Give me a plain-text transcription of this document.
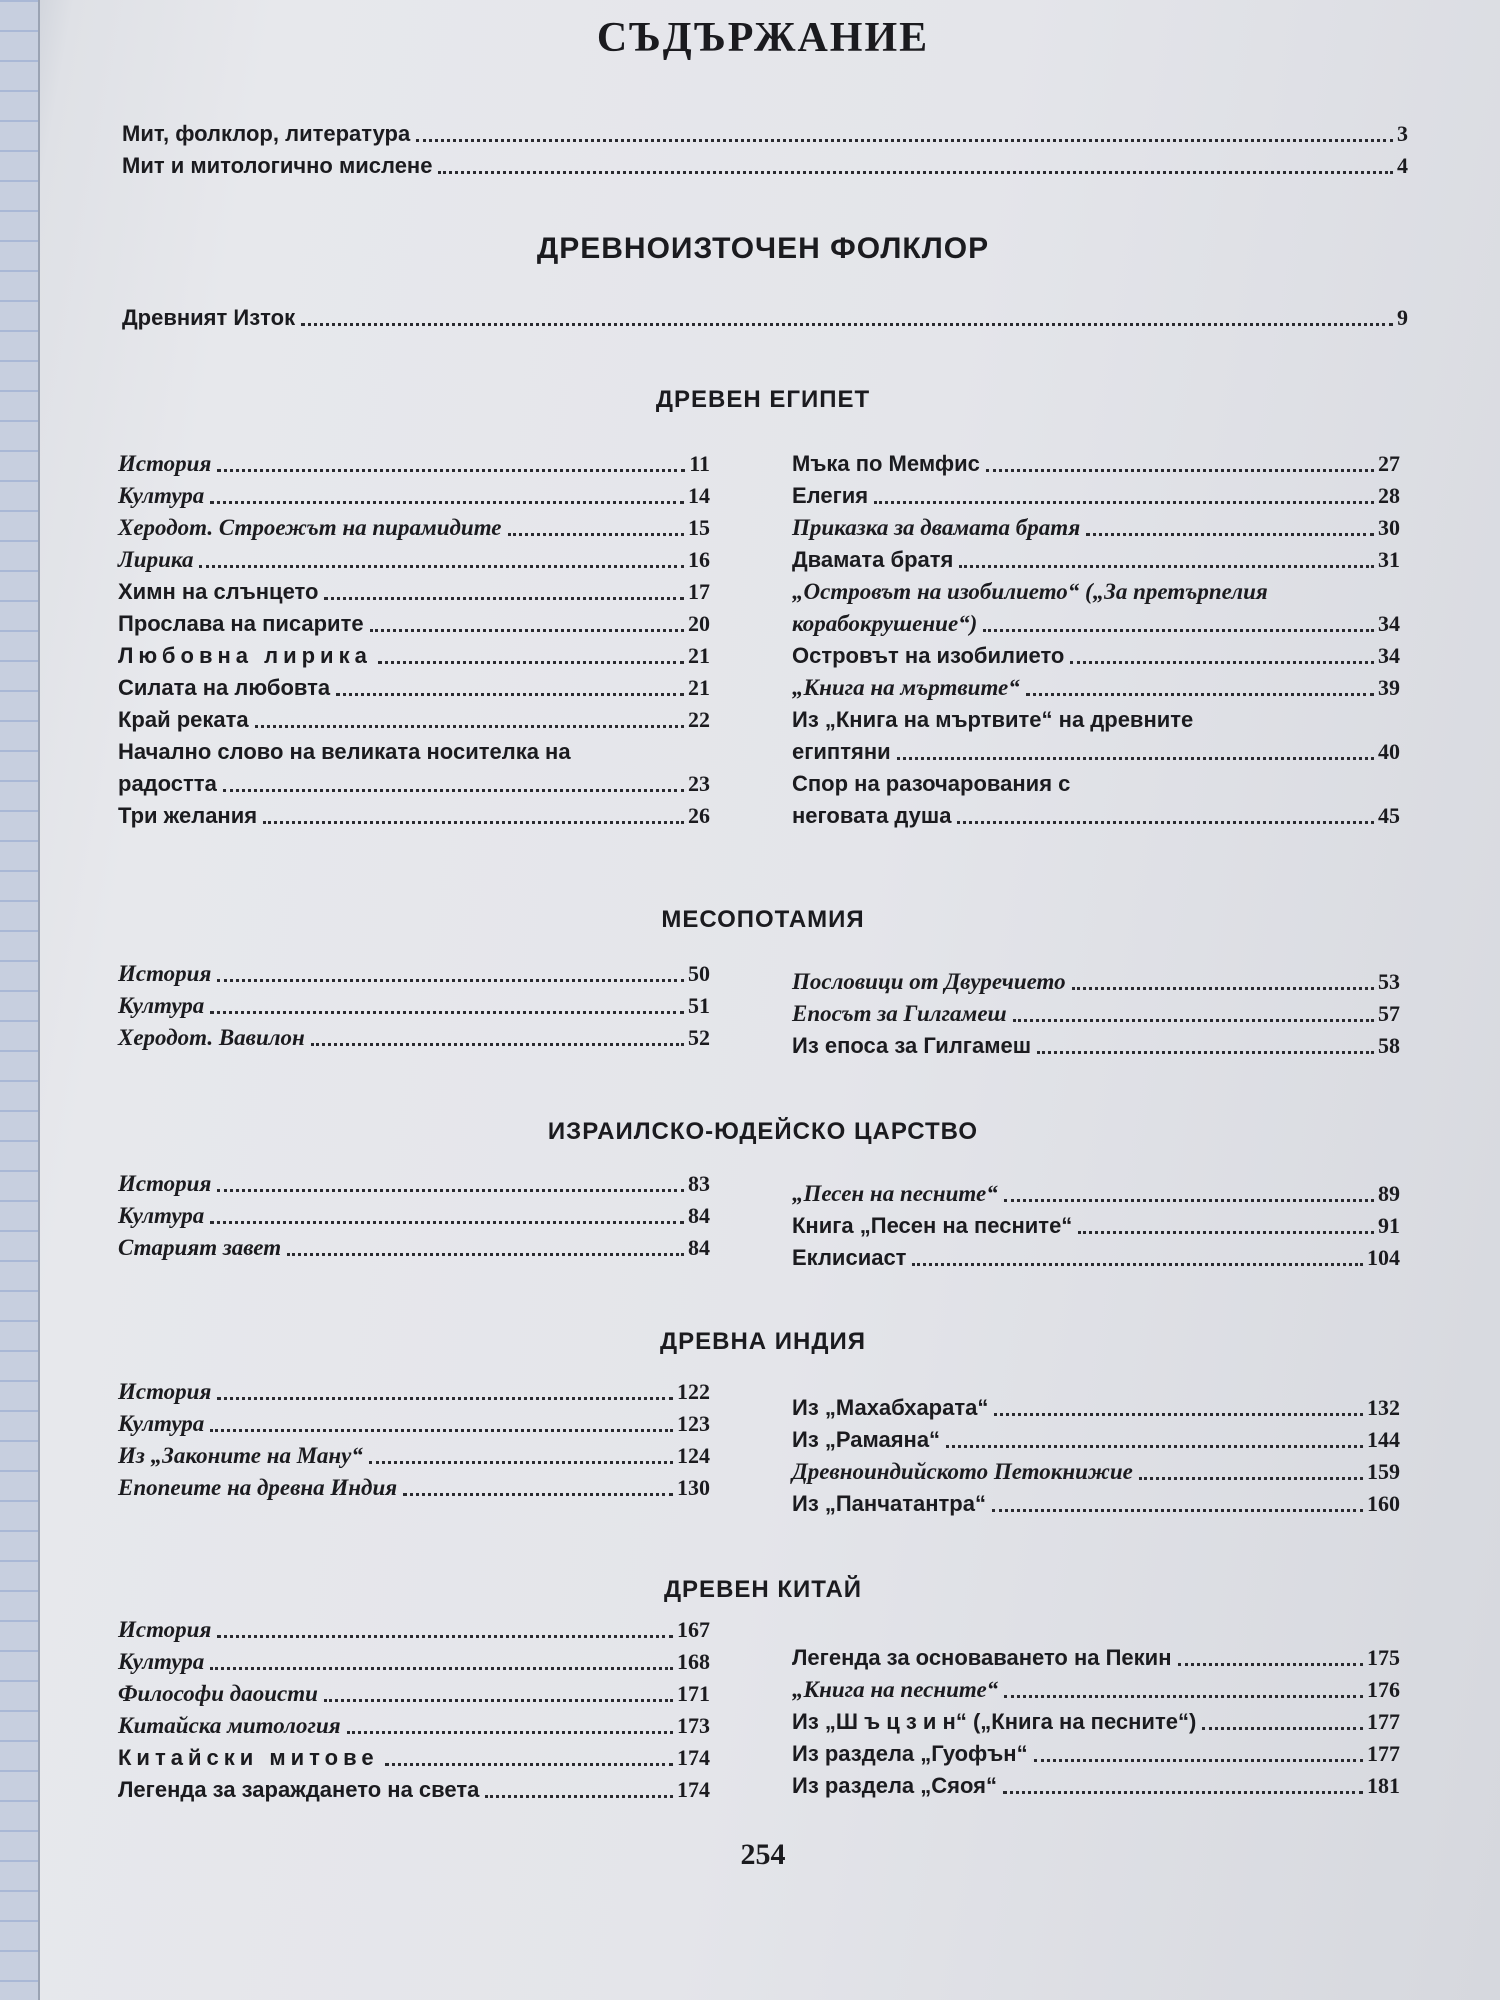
СЪДЪРЖАНИЕ
Мит, фолклор, литература	3
Мит и митологично мислене	4
ДРЕВНОИЗТОЧЕН ФОЛКЛОР
Древният Изток	9
ДРЕВЕН ЕГИПЕТ
История	11
Култура	14
Херодот. Строежът на пирамидите	15
Лирика	16
Химн на слънцето	17
Прослава на писарите	20
Любовна лирика	21
Силата на любовта	21
Край реката	22
Начално слово на великата носителка на
радостта	23
Три желания	26
Мъка по Мемфис	27
Елегия	28
Приказка за двамата братя	30
Двамата братя	31
„Островът на изобилието“ („За претърпелия
корабокрушение“)	34
Островът на изобилието	34
„Книга на мъртвите“	39
Из „Книга на мъртвите“ на древните
египтяни	40
Спор на разочарования с
неговата душа	45
МЕСОПОТАМИЯ
История	50
Култура	51
Херодот. Вавилон	52
Пословици от Двуречието	53
Епосът за Гилгамеш	57
Из епоса за Гилгамеш	58
ИЗРАИЛСКО-ЮДЕЙСКО ЦАРСТВО
История	83
Култура	84
Старият завет	84
„Песен на песните“	89
Книга „Песен на песните“	91
Еклисиаст	104
ДРЕВНА ИНДИЯ
История	122
Култура	123
Из „Законите на Ману“	124
Епопеите на древна Индия	130
Из „Махабхарата“	132
Из „Рамаяна“	144
Древноиндийското Петокнижие	159
Из „Панчатантра“	160
ДРЕВЕН КИТАЙ
История	167
Култура	168
Философи даоисти	171
Китайска митология	173
Китайски митове	174
Легенда за зараждането на света	174
Легенда за основаването на Пекин	175
„Книга на песните“	176
Из „Ш ъ ц з и н“ („Книга на песните“)	177
Из раздела „Гуофън“	177
Из раздела „Сяоя“	181
254
